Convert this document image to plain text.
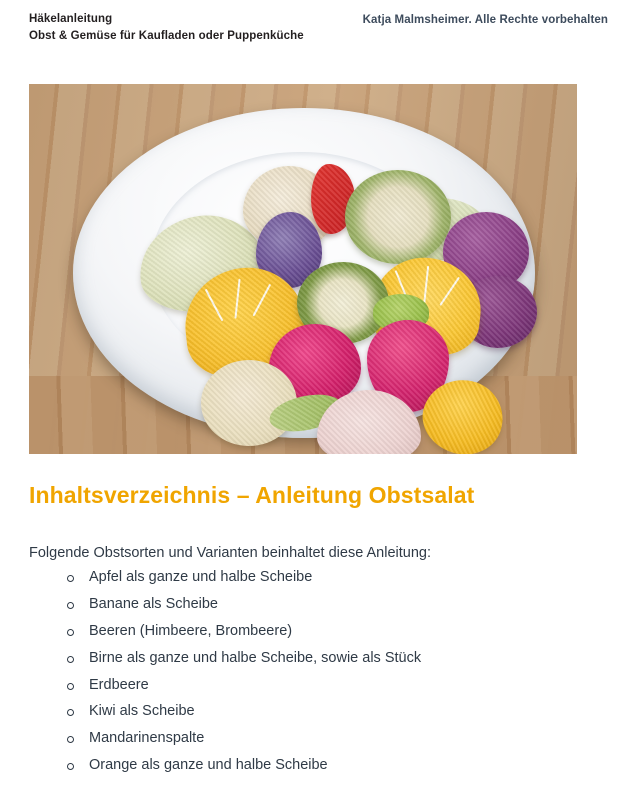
Häkelanleitung
Obst & Gemüse für Kaufladen oder Puppenküche
Katja Malmsheimer. Alle Rechte vorbehalten
Inhaltsverzeichnis – Anleitung Obstsalat
Folgende Obstsorten und Varianten beinhaltet diese Anleitung:
Apfel als ganze und halbe Scheibe
Banane als Scheibe
Beeren (Himbeere, Brombeere)
Birne als ganze und halbe Scheibe, sowie als Stück
Erdbeere
Kiwi als Scheibe
Mandarinenspalte
Orange als ganze und halbe Scheibe
